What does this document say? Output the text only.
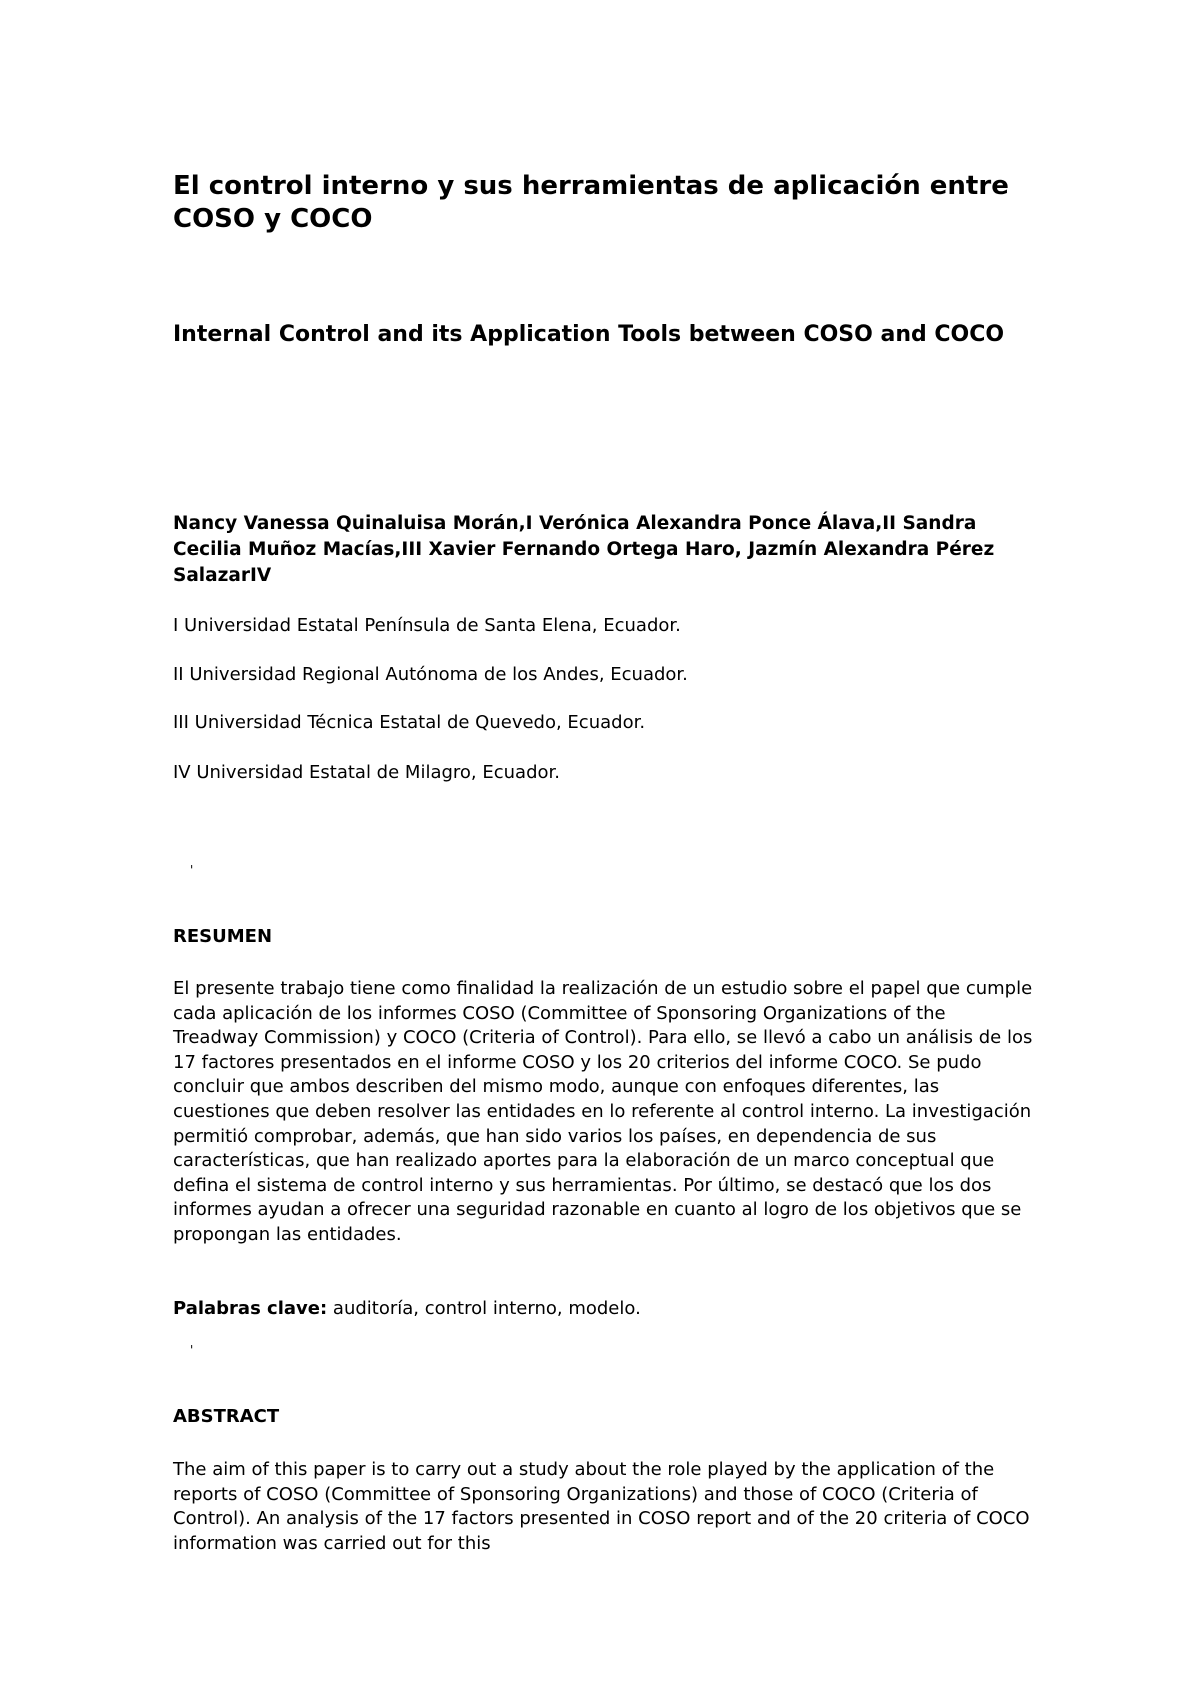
El control interno y sus herramientas de aplicación entre COSO y COCO
Internal Control and its Application Tools between COSO and COCO

Nancy Vanessa Quinaluisa Morán,I Verónica Alexandra Ponce Álava,II Sandra Cecilia Muñoz Macías,III Xavier Fernando Ortega Haro, Jazmín Alexandra Pérez SalazarIV

I Universidad Estatal Península de Santa Elena, Ecuador.

II Universidad Regional Autónoma de los Andes, Ecuador.

III Universidad Técnica Estatal de Quevedo, Ecuador.

IV Universidad Estatal de Milagro, Ecuador.

'

RESUMEN

El presente trabajo tiene como finalidad la realización de un estudio sobre el papel que cumple cada aplicación de los informes COSO (Committee of Sponsoring Organizations of the Treadway Commission) y COCO (Criteria of Control). Para ello, se llevó a cabo un análisis de los 17 factores presentados en el informe COSO y los 20 criterios del informe COCO. Se pudo concluir que ambos describen del mismo modo, aunque con enfoques diferentes, las cuestiones que deben resolver las entidades en lo referente al control interno. La investigación permitió comprobar, además, que han sido varios los países, en dependencia de sus características, que han realizado aportes para la elaboración de un marco conceptual que defina el sistema de control interno y sus herramientas. Por último, se destacó que los dos informes ayudan a ofrecer una seguridad razonable en cuanto al logro de los objetivos que se propongan las entidades.

Palabras clave: auditoría, control interno, modelo.

'

ABSTRACT

The aim of this paper is to carry out a study about the role played by the application of the reports of COSO (Committee of Sponsoring Organizations) and those of COCO (Criteria of Control). An analysis of the 17 factors presented in COSO report and of the 20 criteria of COCO information was carried out for this
